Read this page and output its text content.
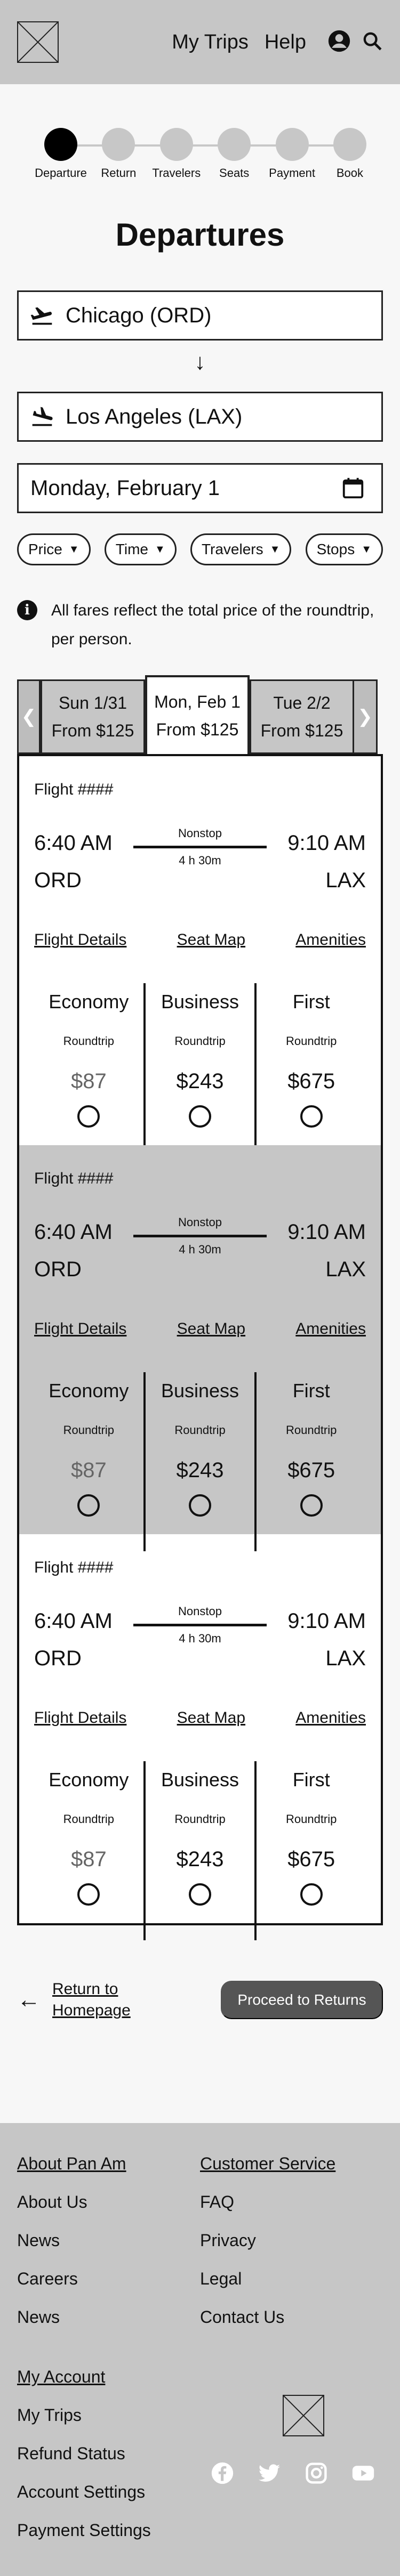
My Trips Help
Departure Return Travelers Seats Payment Book
Departures
Chicago (ORD)
↓
Los Angeles (LAX)
Monday, February 1
Price ▼ Time ▼ Travelers ▼ Stops ▼
i	All fares reflect the total price of the roundtrip, per person.
❮
Sun 1/31
From $125
Mon, Feb 1
From $125
Tue 2/2
From $125
❯
Flight ####
6:40 AM
ORD
Nonstop
4 h 30m
9:10 AM
LAX
Flight Details	Seat Map	Amenities
Economy
Roundtrip
$87
Business
Roundtrip
$243
First
Roundtrip
$675
Flight ####
6:40 AM
ORD
Nonstop
4 h 30m
9:10 AM
LAX
Flight Details	Seat Map	Amenities
Economy
Roundtrip
$87
Business
Roundtrip
$243
First
Roundtrip
$675
Flight ####
6:40 AM
ORD
Nonstop
4 h 30m
9:10 AM
LAX
Flight Details	Seat Map	Amenities
Economy
Roundtrip
$87
Business
Roundtrip
$243
First
Roundtrip
$675
← Return to
Homepage
Proceed to Returns
About Pan Am
About Us
News
Careers
News
Customer Service
FAQ
Privacy
Legal
Contact Us
My Account
My Trips
Refund Status
Account Settings
Payment Settings
